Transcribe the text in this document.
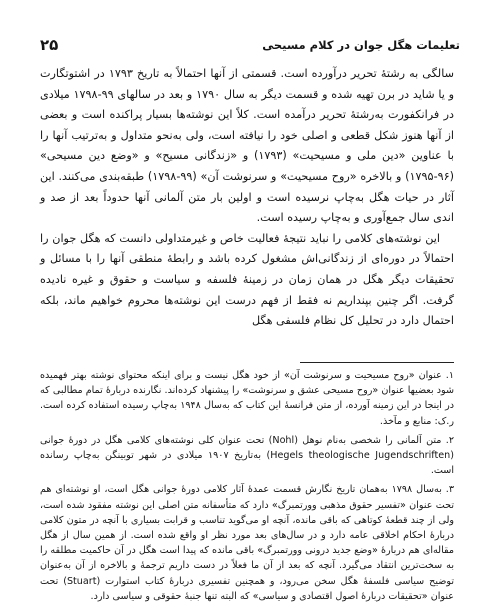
۲۵	تعلیمات هگل جوان در کلام مسیحی

سالگی به رشتهٔ تحریر درآورده است. قسمتی از آنها احتمالاً به تاریخ ۱۷۹۳ در اشتوتگارت و یا شاید در برن تهیه شده و قسمت دیگر به سال ۱۷۹۰ و بعد در سالهای ۹۹-۱۷۹۸ میلادی در فرانکفورت به‌رشتهٔ تحریر درآمده است. کلاً این نوشته‌ها بسیار پراکنده است و بعضی از آنها هنوز شکل قطعی و اصلی خود را نیافته است، ولی به‌نحو متداول و به‌ترتیب آنها را با عناوین «دین ملی و مسیحیت» (۱۷۹۳) و «زندگانی مسیح» و «وضع دین مسیحی» (۹۶-۱۷۹۵) و بالاخره «روح مسیحیت» و سرنوشت آن» (۹۹-۱۷۹۸) طبقه‌بندی می‌کنند. این آثار در حیات هگل به‌چاپ نرسیده است و اولین بار متن آلمانی آنها حدوداً بعد از صد و اندی سال جمع‌آوری و به‌چاپ رسیده است.

این نوشته‌های کلامی را نباید نتیجهٔ فعالیت خاص و غیرمتداولی دانست که هگل جوان را احتمالاً در دوره‌ای از زندگانی‌اش مشغول کرده باشد و رابطهٔ منطقی آنها را با مسائل و تحقیقات دیگر هگل در همان زمان در زمینهٔ فلسفه و سیاست و حقوق و غیره نادیده گرفت. اگر چنین بپنداریم نه فقط از فهم درست این نوشته‌ها محروم خواهیم ماند، بلکه احتمال دارد در تحلیل کل نظام فلسفی هگل

۱. عنوان «روح مسیحیت و سرنوشت آن» از خود هگل نیست و برای اینکه محتوای نوشته بهتر فهمیده شود بعضیها عنوان «روح مسیحی عشق و سرنوشت» را پیشنهاد کرده‌اند. نگارنده دربارهٔ تمام مطالبی که در اینجا در این زمینه آورده، از متن فرانسهٔ این کتاب که به‌سال ۱۹۴۸ به‌چاپ رسیده استفاده کرده است. ر.ک: منابع و مآخذ.

۲. متن آلمانی را شخصی به‌نام نوهل (Nohl) تحت عنوان کلی نوشته‌های کلامی هگل در دورهٔ جوانی (Hegels theologische Jugendschriften) به‌تاریخ ۱۹۰۷ میلادی در شهر توبینگن به‌چاپ رسانده است.

۳. به‌سال ۱۷۹۸ به‌همان تاریخ نگارش قسمت عمدهٔ آثار کلامی دورهٔ جوانی هگل است، او نوشته‌ای هم تحت عنوان «تفسیر حقوق مذهبی وورتمبرگ» دارد که متأسفانه متن اصلی این نوشته مفقود شده است، ولی از چند قطعهٔ کوتاهی که باقی مانده، آنچه او می‌گوید تناسب و قرابت بسیاری با آنچه در متون کلامی دربارهٔ احکام اخلاقی عامه دارد و در سال‌های بعد مورد نظر او واقع شده است. از همین سال از هگل مقاله‌ای هم دربارهٔ «وضع جدید درونی وورتمبرگ» باقی مانده که پیدا است هگل در آن حاکمیت مطلقه را به سخت‌ترین انتقاد می‌گیرد. آنچه که بعد از آن ما فعلاً در دست داریم ترجمهٔ و بالاخره از آن به‌عنوان توضیح سیاسی فلسفهٔ هگل سخن می‌رود، و همچنین تفسیری دربارهٔ کتاب استوارت (Stuart) تحت عنوان «تحقیقات دربارهٔ اصول اقتصادی و سیاسی» که البته تنها جنبهٔ حقوقی و سیاسی دارد.
